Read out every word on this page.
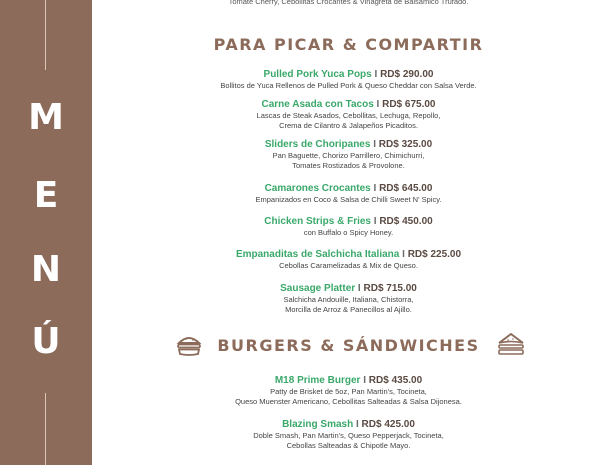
M
E
N
Ú
Tomate Cherry, Cebollitas Crocantes & Vinagreta de Balsámico Trufado.
PARA PICAR & COMPARTIR
Pulled Pork Yuca Pops I RD$ 290.00
Bollitos de Yuca Rellenos de Pulled Pork & Queso Cheddar con Salsa Verde.
Carne Asada con Tacos I RD$ 675.00
Lascas de Steak Asados, Cebollitas, Lechuga, Repollo,
Crema de Cilantro & Jalapeños Picaditos.
Sliders de Choripanes I RD$ 325.00
Pan Baguette, Chorizo Parrillero, Chimichurri,
Tomates Rostizados & Provolone.
Camarones Crocantes I RD$ 645.00
Empanizados en Coco & Salsa de Chilli Sweet N' Spicy.
Chicken Strips & Fries I RD$ 450.00
con Buffalo o Spicy Honey.
Empanaditas de Salchicha Italiana I RD$ 225.00
Cebollas Caramelizadas & Mix de Queso.
Sausage Platter I RD$ 715.00
Salchicha Andouille, Italiana, Chistorra,
Morcilla de Arroz & Panecillos al Ajillo.
BURGERS & SÁNDWICHES
M18 Prime Burger I RD$ 435.00
Patty de Brisket de 5oz, Pan Martin's, Tocineta,
Queso Muenster Americano, Cebollitas Salteadas & Salsa Dijonesa.
Blazing Smash I RD$ 425.00
Doble Smash, Pan Martin's, Queso Pepperjack, Tocineta,
Cebollas Salteadas & Chipotle Mayo.
